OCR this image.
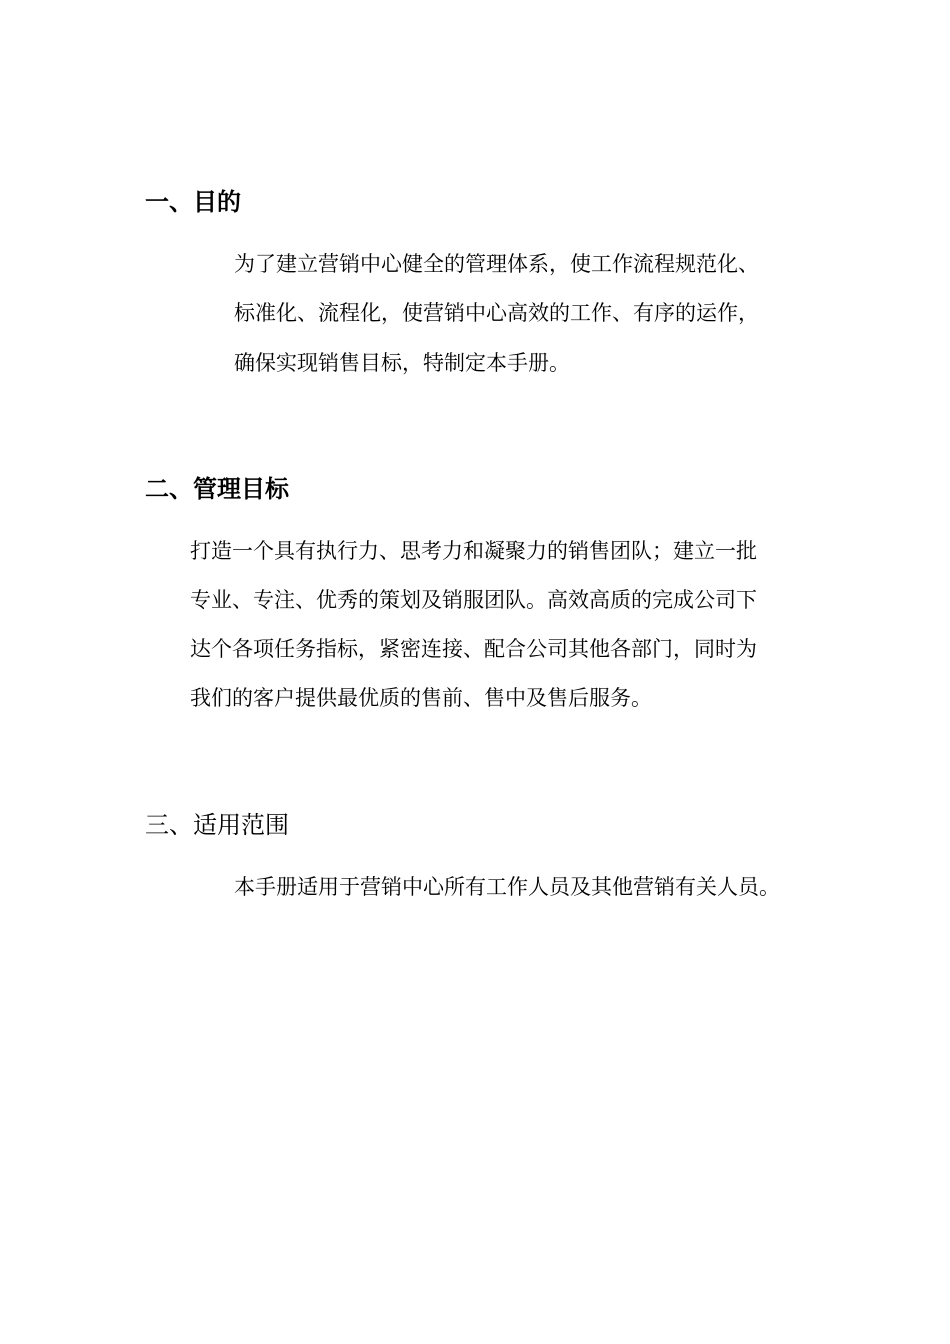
一、目的

为了建立营销中心健全的管理体系，使工作流程规范化、

标准化、流程化，使营销中心高效的工作、有序的运作，

确保实现销售目标，特制定本手册。

二、管理目标

打造一个具有执行力、思考力和凝聚力的销售团队；建立一批

专业、专注、优秀的策划及销服团队。高效高质的完成公司下

达个各项任务指标，紧密连接、配合公司其他各部门，同时为

我们的客户提供最优质的售前、售中及售后服务。

三、适用范围

本手册适用于营销中心所有工作人员及其他营销有关人员。
